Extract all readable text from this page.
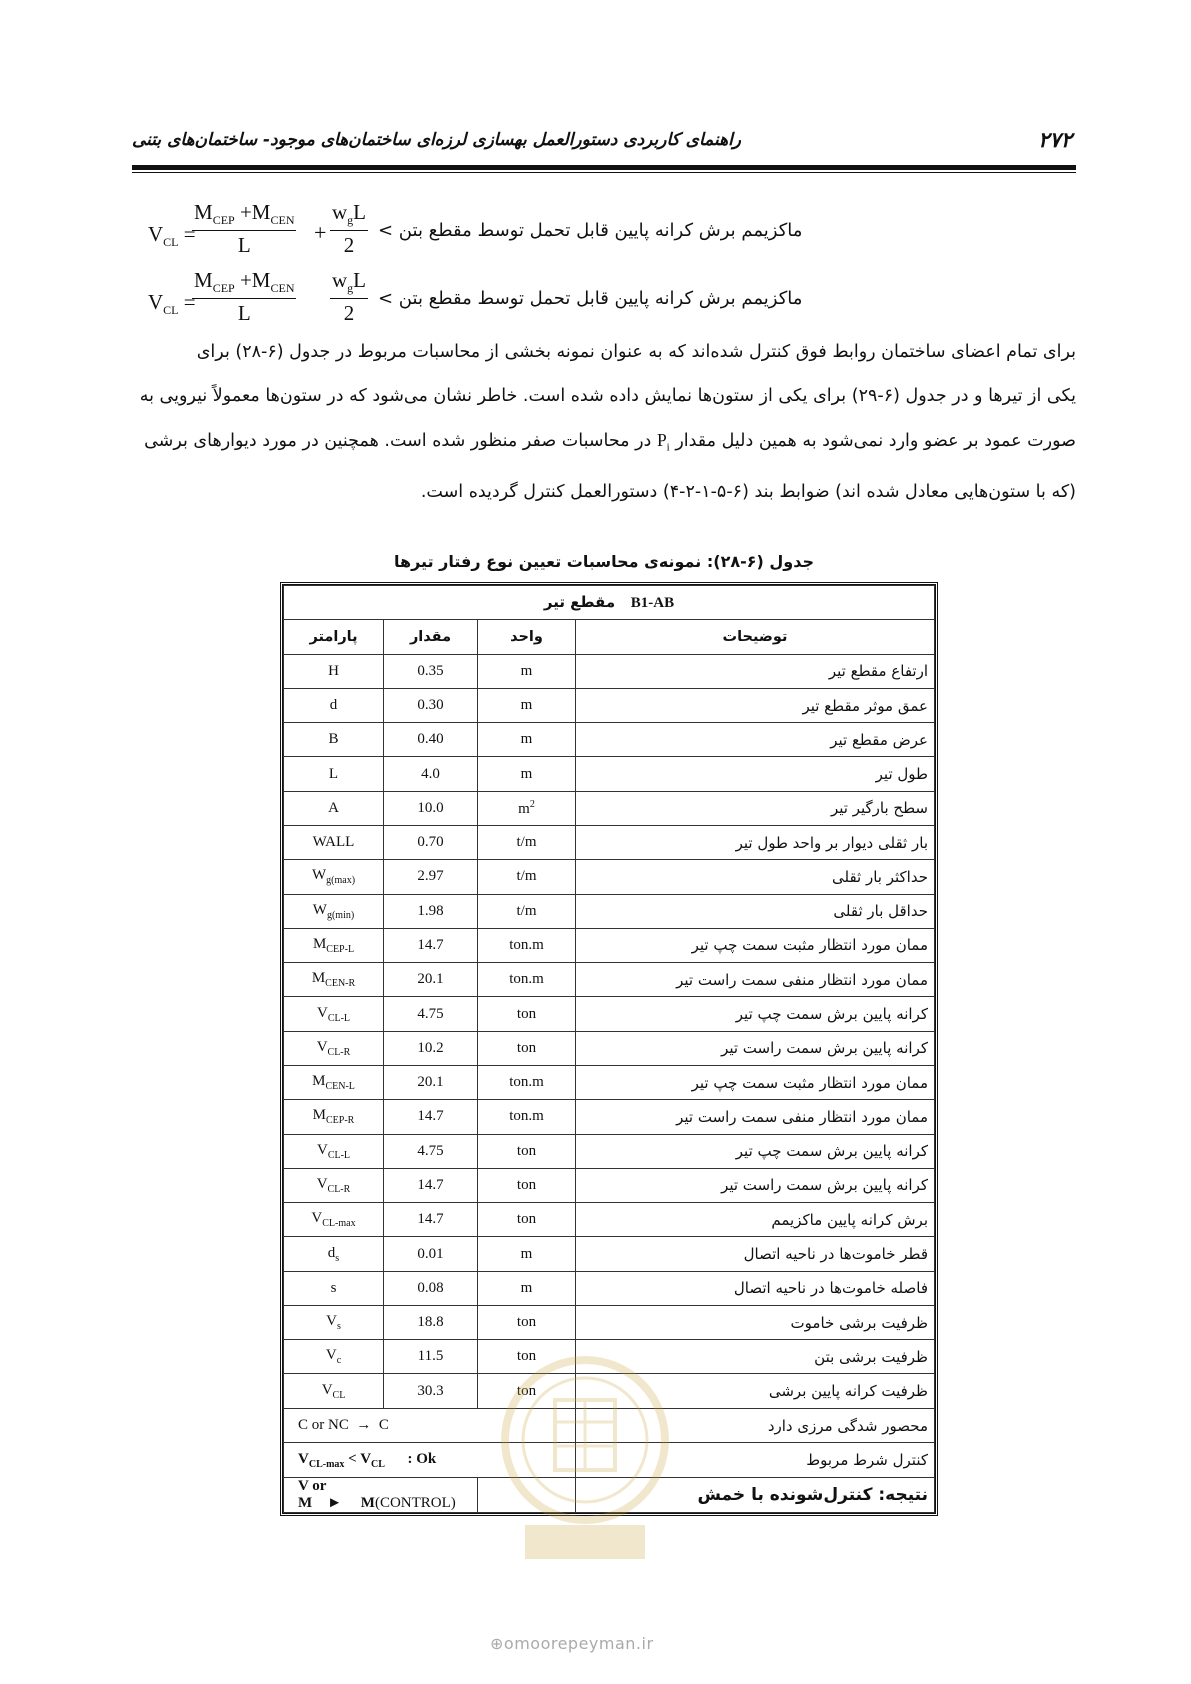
۲۷۲
راهنمای کاربردی دستورالعمل بهسازی لرزه‌ای ساختمان‌های موجود- ساختمان‌های بتنی
$V_{CL}$ =
$M_{CEP} +M_{CEN}$
L
+
$w_gL$
2
ماکزیمم برش کرانه پایین قابل تحمل توسط مقطع بتن >
$V_{CL}$ =
$M_{CEP} +M_{CEN}$
L
$w_gL$
2
ماکزیمم برش کرانه پایین قابل تحمل توسط مقطع بتن >

برای تمام اعضای ساختمان روابط فوق کنترل شده‌اند که به عنوان نمونه بخشی از محاسبات مربوط در جدول (۶-۲۸) برای

یکی از تیرها و در جدول (۶-۲۹) برای یکی از ستون‌ها نمایش داده شده است. خاطر نشان می‌شود که در ستون‌ها معمولاً نیرویی به

صورت عمود بر عضو وارد نمی‌شود به همین دلیل مقدار $P_i$ در محاسبات صفر منظور شده است. همچنین در مورد دیوارهای برشی

(که با ستون‌هایی معادل شده اند) ضوابط بند (۶-۵-۱-۲-۴) دستورالعمل کنترل گردیده است.

جدول (۶-۲۸): نمونه‌ی محاسبات تعیین نوع رفتار تیرها
مقطع تیر B1-AB			
پارامتر	مقدار	واحد	توضیحات
H	0.35	m	ارتفاع مقطع تیر
d	0.30	m	عمق موثر مقطع تیر
B	0.40	m	عرض مقطع تیر
L	4.0	m	طول تیر
A	10.0	$m^2$	سطح بارگیر تیر
WALL	0.70	t/m	بار ثقلی دیوار بر واحد طول تیر
$W_{g(max)}$	2.97	t/m	حداکثر بار ثقلی
$W_{g(min)}$	1.98	t/m	حداقل بار ثقلی
$M_{CEP-L}$	14.7	ton.m	ممان مورد انتظار مثبت سمت چپ تیر
$M_{CEN-R}$	20.1	ton.m	ممان مورد انتظار منفی سمت راست تیر
$V_{CL-L}$	4.75	ton	کرانه پایین برش سمت چپ تیر
$V_{CL-R}$	10.2	ton	کرانه پایین برش سمت راست تیر
$M_{CEN-L}$	20.1	ton.m	ممان مورد انتظار مثبت سمت چپ تیر
$M_{CEP-R}$	14.7	ton.m	ممان مورد انتظار منفی سمت راست تیر
$V_{CL-L}$	4.75	ton	کرانه پایین برش سمت چپ تیر
$V_{CL-R}$	14.7	ton	کرانه پایین برش سمت راست تیر
$V_{CL-max}$	14.7	ton	برش کرانه پایین ماکزیمم
$d_s$	0.01	m	قطر خاموت‌ها در ناحیه اتصال
s	0.08	m	فاصله خاموت‌ها در ناحیه اتصال
$V_s$	18.8	ton	ظرفیت برشی خاموت
$V_c$	11.5	ton	ظرفیت برشی بتن
$V_{CL}$	30.3	ton	ظرفیت کرانه پایین برشی
C or NC → C			محصور شدگی مرزی دارد
$V_{CL-max} < V_{CL}$ : Ok			کنترل شرط مربوط
V or M ► M(CONTROL)			نتیجه: کنترل‌شونده با خمش
⊕omoorepeyman.ir
